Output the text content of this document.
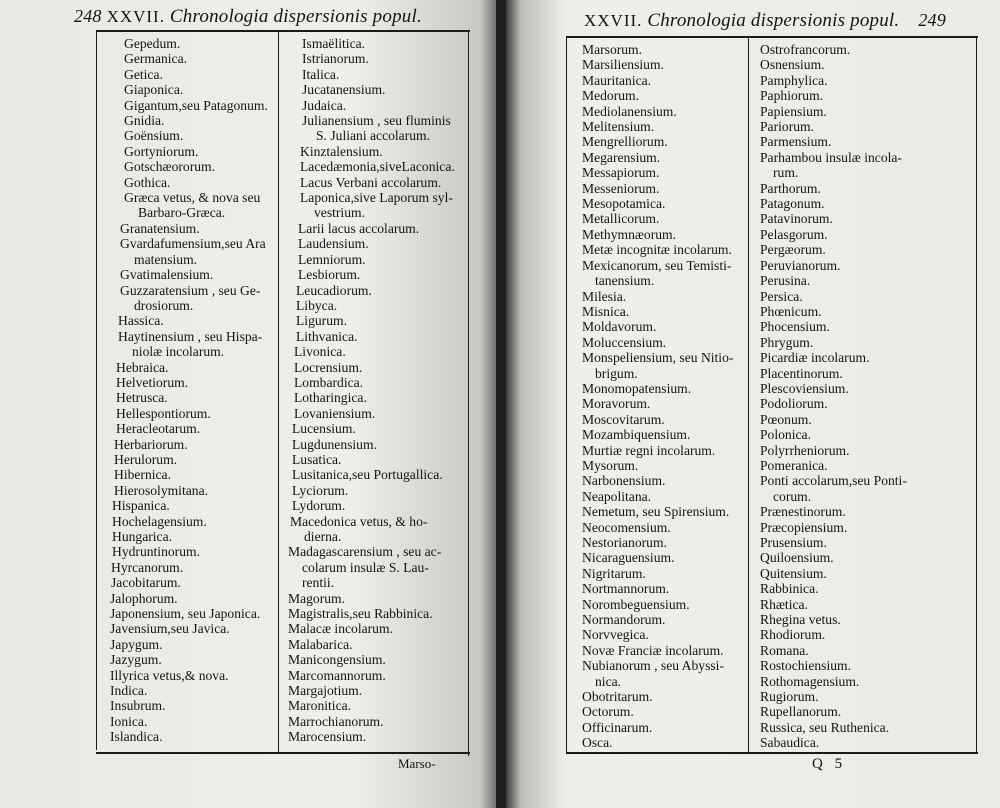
248 XXVII. Chronologia dispersionis popul.
Gepedum.
Germanica.
Getica.
Giaponica.
Gigantum,seu Patagonum.
Gnidia.
Goënsium.
Gortyniorum.
Gotschæororum.
Gothica.
Græca vetus, & nova seu
Barbaro-Græca.
Granatensium.
Gvardafumensium,seu Ara
matensium.
Gvatimalensium.
Guzzaratensium , seu Ge-
drosiorum.
Hassica.
Haytinensium , seu Hispa-
niolæ incolarum.
Hebraica.
Helvetiorum.
Hetrusca.
Hellespontiorum.
Heracleotarum.
Herbariorum.
Herulorum.
Hibernica.
Hierosolymitana.
Hispanica.
Hochelagensium.
Hungarica.
Hydruntinorum.
Hyrcanorum.
Jacobitarum.
Jalophorum.
Japonensium, seu Japonica.
Javensium,seu Javica.
Japygum.
Jazygum.
Illyrica vetus,& nova.
Indica.
Insubrum.
Ionica.
Islandica.
Ismaëlitica.
Istrianorum.
Italica.
Jucatanensium.
Judaica.
Julianensium , seu fluminis
S. Juliani accolarum.
Kinztalensium.
Lacedæmonia,siveLaconica.
Lacus Verbani accolarum.
Laponica,sive Laporum syl-
vestrium.
Larii lacus accolarum.
Laudensium.
Lemniorum.
Lesbiorum.
Leucadiorum.
Libyca.
Ligurum.
Lithvanica.
Livonica.
Locrensium.
Lombardica.
Lotharingica.
Lovaniensium.
Lucensium.
Lugdunensium.
Lusatica.
Lusitanica,seu Portugallica.
Lyciorum.
Lydorum.
Macedonica vetus, & ho-
dierna.
Madagascarensium , seu ac-
colarum insulæ S. Lau-
rentii.
Magorum.
Magistralis,seu Rabbinica.
Malacæ incolarum.
Malabarica.
Manicongensium.
Marcomannorum.
Margajotium.
Maronitica.
Marrochianorum.
Marocensium.
Marso-
XXVII. Chronologia dispersionis popul. 249
Marsorum.
Marsiliensium.
Mauritanica.
Medorum.
Mediolanensium.
Melitensium.
Mengrelliorum.
Megarensium.
Messapiorum.
Messeniorum.
Mesopotamica.
Metallicorum.
Methymnæorum.
Metæ incognitæ incolarum.
Mexicanorum, seu Temisti-
tanensium.
Milesia.
Misnica.
Moldavorum.
Moluccensium.
Monspeliensium, seu Nitio-
brigum.
Monomopatensium.
Moravorum.
Moscovitarum.
Mozambiquensium.
Murtiæ regni incolarum.
Mysorum.
Narbonensium.
Neapolitana.
Nemetum, seu Spirensium.
Neocomensium.
Nestorianorum.
Nicaraguensium.
Nigritarum.
Nortmannorum.
Norombeguensium.
Normandorum.
Norvvegica.
Novæ Franciæ incolarum.
Nubianorum , seu Abyssi-
nica.
Obotritarum.
Octorum.
Officinarum.
Osca.
Ostrofrancorum.
Osnensium.
Pamphylica.
Paphiorum.
Papiensium.
Pariorum.
Parmensium.
Parhambou insulæ incola-
rum.
Parthorum.
Patagonum.
Patavinorum.
Pelasgorum.
Pergæorum.
Peruvianorum.
Perusina.
Persica.
Phœnicum.
Phocensium.
Phrygum.
Picardiæ incolarum.
Placentinorum.
Plescoviensium.
Podoliorum.
Pœonum.
Polonica.
Polyrrheniorum.
Pomeranica.
Ponti accolarum,seu Ponti-
corum.
Prænestinorum.
Præcopiensium.
Prusensium.
Quiloensium.
Quitensium.
Rabbinica.
Rhætica.
Rhegina vetus.
Rhodiorum.
Romana.
Rostochiensium.
Rothomagensium.
Rugiorum.
Rupellanorum.
Russica, seu Ruthenica.
Sabaudica.
Q 5
